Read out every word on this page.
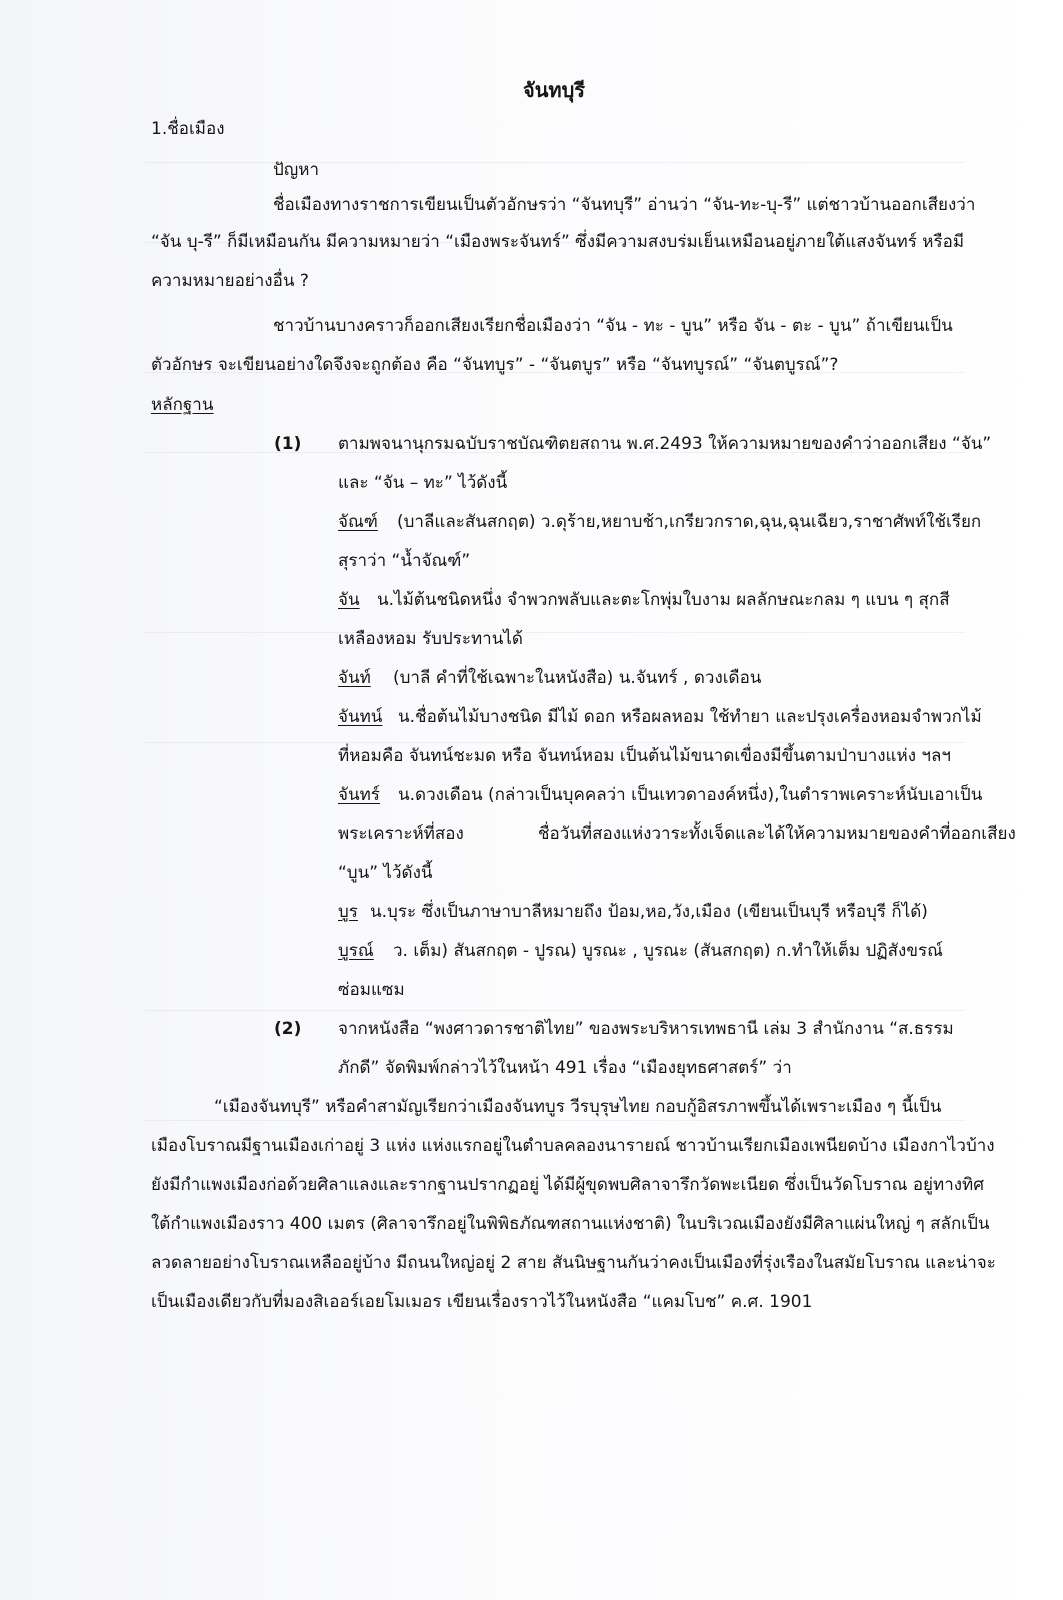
จันทบุรี
1.ชื่อเมือง
ปัญหา
ชื่อเมืองทางราชการเขียนเป็นตัวอักษรว่า “จันทบุรี” อ่านว่า “จัน-ทะ-บุ-รี” แต่ชาวบ้านออกเสียงว่า
“จัน บุ-รี” ก็มีเหมือนกัน มีความหมายว่า “เมืองพระจันทร์” ซึ่งมีความสงบร่มเย็นเหมือนอยู่ภายใต้แสงจันทร์ หรือมี
ความหมายอย่างอื่น ?
ชาวบ้านบางคราวก็ออกเสียงเรียกชื่อเมืองว่า “จัน - ทะ - บูน” หรือ จัน - ตะ - บูน” ถ้าเขียนเป็น
ตัวอักษร จะเขียนอย่างใดจึงจะถูกต้อง คือ “จันทบูร” - “จันตบูร” หรือ “จันทบูรณ์” “จันตบูรณ์”?
หลักฐาน
(1) ตามพจนานุกรมฉบับราชบัณฑิตยสถาน พ.ศ.2493 ให้ความหมายของคำว่าออกเสียง “จัน”
และ “จัน – ทะ” ไว้ดังนี้
จัณฑ์ (บาลีและสันสกฤต) ว.ดุร้าย,หยาบช้า,เกรียวกราด,ฉุน,ฉุนเฉียว,ราชาศัพท์ใช้เรียก
สุราว่า “น้ำจัณฑ์”
จัน น.ไม้ต้นชนิดหนึ่ง จำพวกพลับและตะโกพุ่มใบงาม ผลลักษณะกลม ๆ แบน ๆ สุกสี
เหลืองหอม รับประทานได้
จันท์ (บาลี คำที่ใช้เฉพาะในหนังสือ) น.จันทร์ , ดวงเดือน
จันทน์ น.ชื่อต้นไม้บางชนิด มีไม้ ดอก หรือผลหอม ใช้ทำยา และปรุงเครื่องหอมจำพวกไม้
ที่หอมคือ จันทน์ชะมด หรือ จันทน์หอม เป็นต้นไม้ขนาดเขื่องมีขึ้นตามป่าบางแห่ง ฯลฯ
จันทร์ น.ดวงเดือน (กล่าวเป็นบุคคลว่า เป็นเทวดาองค์หนึ่ง),ในตำราพเคราะห์นับเอาเป็น
พระเคราะห์ที่สอง	ชื่อวันที่สองแห่งวาระทั้งเจ็ดและได้ให้ความหมายของคำที่ออกเสียง
“บูน” ไว้ดังนี้
บูร น.บุระ ซึ่งเป็นภาษาบาลีหมายถึง ป้อม,หอ,วัง,เมือง (เขียนเป็นบุรี หรือบุรี ก็ได้)
บูรณ์ ว. เต็ม) สันสกฤต - ปูรณ) บูรณะ , บูรณะ (สันสกฤต) ก.ทำให้เต็ม ปฏิสังขรณ์
ซ่อมแซม
(2) จากหนังสือ “พงศาวดารชาติไทย” ของพระบริหารเทพธานี เล่ม 3 สำนักงาน “ส.ธรรม
ภักดี” จัดพิมพ์กล่าวไว้ในหน้า 491 เรื่อง “เมืองยุทธศาสตร์” ว่า
“เมืองจันทบุรี” หรือคำสามัญเรียกว่าเมืองจันทบูร วีรบุรุษไทย กอบกู้อิสรภาพขึ้นได้เพราะเมือง ๆ นี้เป็น
เมืองโบราณมีฐานเมืองเก่าอยู่ 3 แห่ง แห่งแรกอยู่ในตำบลคลองนารายณ์ ชาวบ้านเรียกเมืองเพนียดบ้าง เมืองกาไวบ้าง
ยังมีกำแพงเมืองก่อด้วยศิลาแลงและรากฐานปรากฏอยู่ ได้มีผู้ขุดพบศิลาจารึกวัดพะเนียด ซึ่งเป็นวัดโบราณ อยู่ทางทิศ
ใต้กำแพงเมืองราว 400 เมตร (ศิลาจารึกอยู่ในพิพิธภัณฑสถานแห่งชาติ) ในบริเวณเมืองยังมีศิลาแผ่นใหญ่ ๆ สลักเป็น
ลวดลายอย่างโบราณเหลืออยู่บ้าง มีถนนใหญ่อยู่ 2 สาย สันนิษฐานกันว่าคงเป็นเมืองที่รุ่งเรืองในสมัยโบราณ และน่าจะ
เป็นเมืองเดียวกับที่มองสิเออร์เอยโมเมอร เขียนเรื่องราวไว้ในหนังสือ “แคมโบช” ค.ศ. 1901
